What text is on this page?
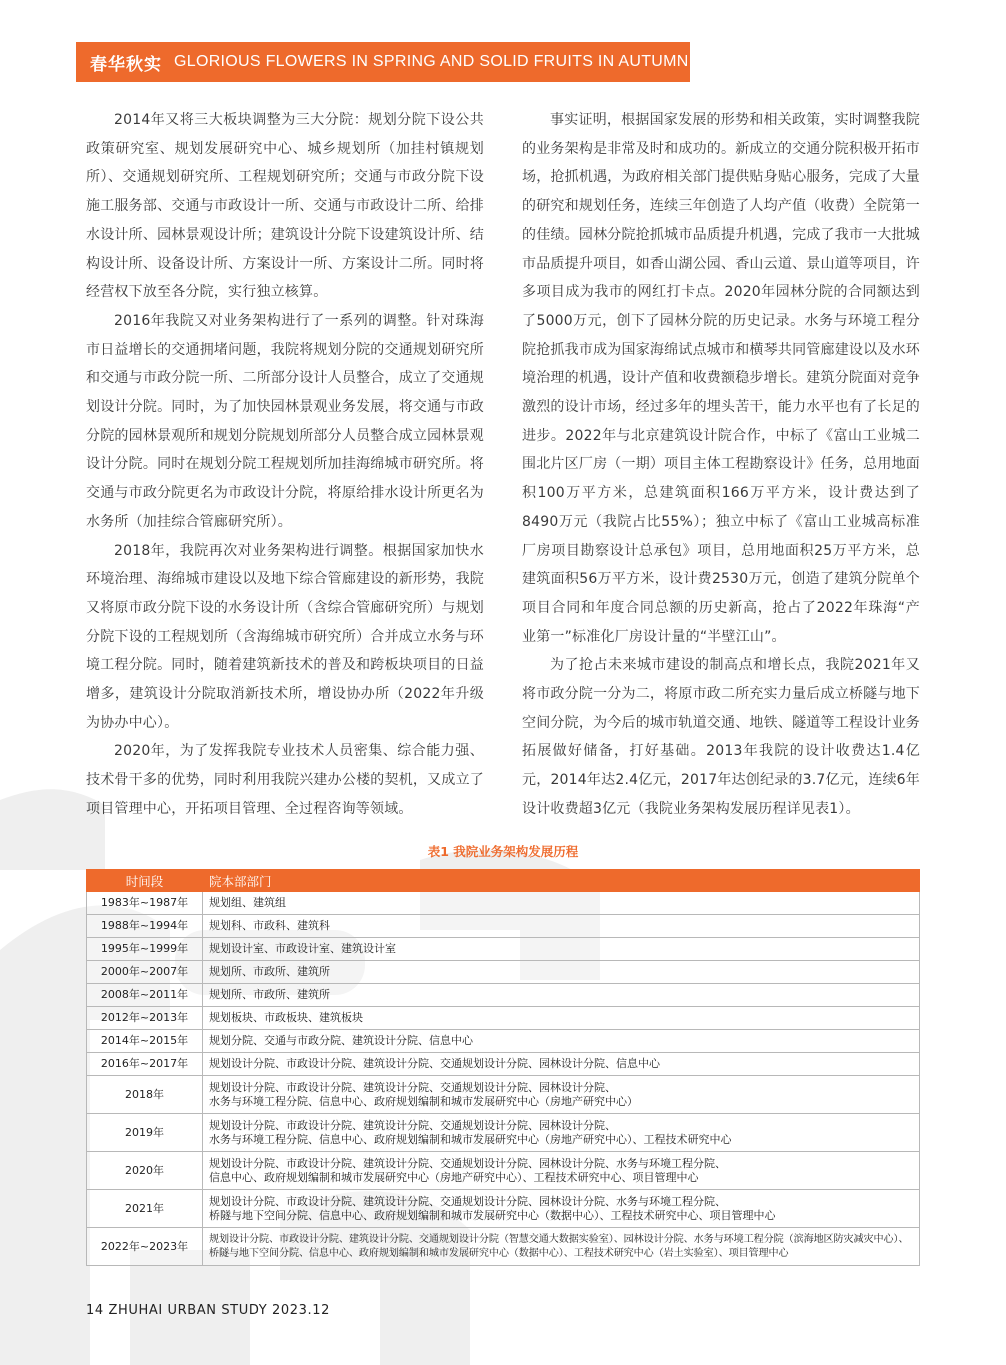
春华秋实 GLORIOUS FLOWERS IN SPRING AND SOLID FRUITS IN AUTUMN

2014年又将三大板块调整为三大分院：规划分院下设公共政策研究室、规划发展研究中心、城乡规划所（加挂村镇规划所）、交通规划研究所、工程规划研究所；交通与市政分院下设施工服务部、交通与市政设计一所、交通与市政设计二所、给排水设计所、园林景观设计所；建筑设计分院下设建筑设计所、结构设计所、设备设计所、方案设计一所、方案设计二所。同时将经营权下放至各分院，实行独立核算。

2016年我院又对业务架构进行了一系列的调整。针对珠海市日益增长的交通拥堵问题，我院将规划分院的交通规划研究所和交通与市政分院一所、二所部分设计人员整合，成立了交通规划设计分院。同时，为了加快园林景观业务发展，将交通与市政分院的园林景观所和规划分院规划所部分人员整合成立园林景观设计分院。同时在规划分院工程规划所加挂海绵城市研究所。将交通与市政分院更名为市政设计分院，将原给排水设计所更名为水务所（加挂综合管廊研究所）。

2018年，我院再次对业务架构进行调整。根据国家加快水环境治理、海绵城市建设以及地下综合管廊建设的新形势，我院又将原市政分院下设的水务设计所（含综合管廊研究所）与规划分院下设的工程规划所（含海绵城市研究所）合并成立水务与环境工程分院。同时，随着建筑新技术的普及和跨板块项目的日益增多，建筑设计分院取消新技术所，增设协办所（2022年升级为协办中心）。

2020年，为了发挥我院专业技术人员密集、综合能力强、技术骨干多的优势，同时利用我院兴建办公楼的契机，又成立了项目管理中心，开拓项目管理、全过程咨询等领域。

事实证明，根据国家发展的形势和相关政策，实时调整我院的业务架构是非常及时和成功的。新成立的交通分院积极开拓市场，抢抓机遇，为政府相关部门提供贴身贴心服务，完成了大量的研究和规划任务，连续三年创造了人均产值（收费）全院第一的佳绩。园林分院抢抓城市品质提升机遇，完成了我市一大批城市品质提升项目，如香山湖公园、香山云道、景山道等项目，许多项目成为我市的网红打卡点。2020年园林分院的合同额达到了5000万元，创下了园林分院的历史记录。水务与环境工程分院抢抓我市成为国家海绵试点城市和横琴共同管廊建设以及水环境治理的机遇，设计产值和收费额稳步增长。建筑分院面对竞争激烈的设计市场，经过多年的埋头苦干，能力水平也有了长足的进步。2022年与北京建筑设计院合作，中标了《富山工业城二围北片区厂房（一期）项目主体工程勘察设计》任务，总用地面积100万平方米，总建筑面积166万平方米，设计费达到了8490万元（我院占比55%）；独立中标了《富山工业城高标准厂房项目勘察设计总承包》项目，总用地面积25万平方米，总建筑面积56万平方米，设计费2530万元，创造了建筑分院单个项目合同和年度合同总额的历史新高，抢占了2022年珠海“产业第一”标准化厂房设计量的“半壁江山”。

为了抢占未来城市建设的制高点和增长点，我院2021年又将市政分院一分为二，将原市政二所充实力量后成立桥隧与地下空间分院，为今后的城市轨道交通、地铁、隧道等工程设计业务拓展做好储备，打好基础。2013年我院的设计收费达1.4亿元，2014年达2.4亿元，2017年达创纪录的3.7亿元，连续6年设计收费超3亿元（我院业务架构发展历程详见表1）。

表1 我院业务架构发展历程
时间段	院本部部门
1983年~1987年	规划组、建筑组

1988年~1994年	规划科、市政科、建筑科

1995年~1999年	规划设计室、市政设计室、建筑设计室

2000年~2007年	规划所、市政所、建筑所

2008年~2011年	规划所、市政所、建筑所

2012年~2013年	规划板块、市政板块、建筑板块

2014年~2015年	规划分院、交通与市政分院、建筑设计分院、信息中心

2016年~2017年	规划设计分院、市政设计分院、建筑设计分院、交通规划设计分院、园林设计分院、信息中心

2018年	规划设计分院、市政设计分院、建筑设计分院、交通规划设计分院、园林设计分院、
水务与环境工程分院、信息中心、政府规划编制和城市发展研究中心（房地产研究中心）

2019年	规划设计分院、市政设计分院、建筑设计分院、交通规划设计分院、园林设计分院、
水务与环境工程分院、信息中心、政府规划编制和城市发展研究中心（房地产研究中心）、工程技术研究中心

2020年	规划设计分院、市政设计分院、建筑设计分院、交通规划设计分院、园林设计分院、水务与环境工程分院、
信息中心、政府规划编制和城市发展研究中心（房地产研究中心）、工程技术研究中心、项目管理中心

2021年	规划设计分院、市政设计分院、建筑设计分院、交通规划设计分院、园林设计分院、水务与环境工程分院、
桥隧与地下空间分院、信息中心、政府规划编制和城市发展研究中心（数据中心）、工程技术研究中心、项目管理中心

2022年~2023年	规划设计分院、市政设计分院、建筑设计分院、交通规划设计分院（智慧交通大数据实验室）、园林设计分院、水务与环境工程分院（滨海地区防灾减灾中心）、
桥隧与地下空间分院、信息中心、政府规划编制和城市发展研究中心（数据中心）、工程技术研究中心（岩土实验室）、项目管理中心
14 ZHUHAI URBAN STUDY 2023.12
